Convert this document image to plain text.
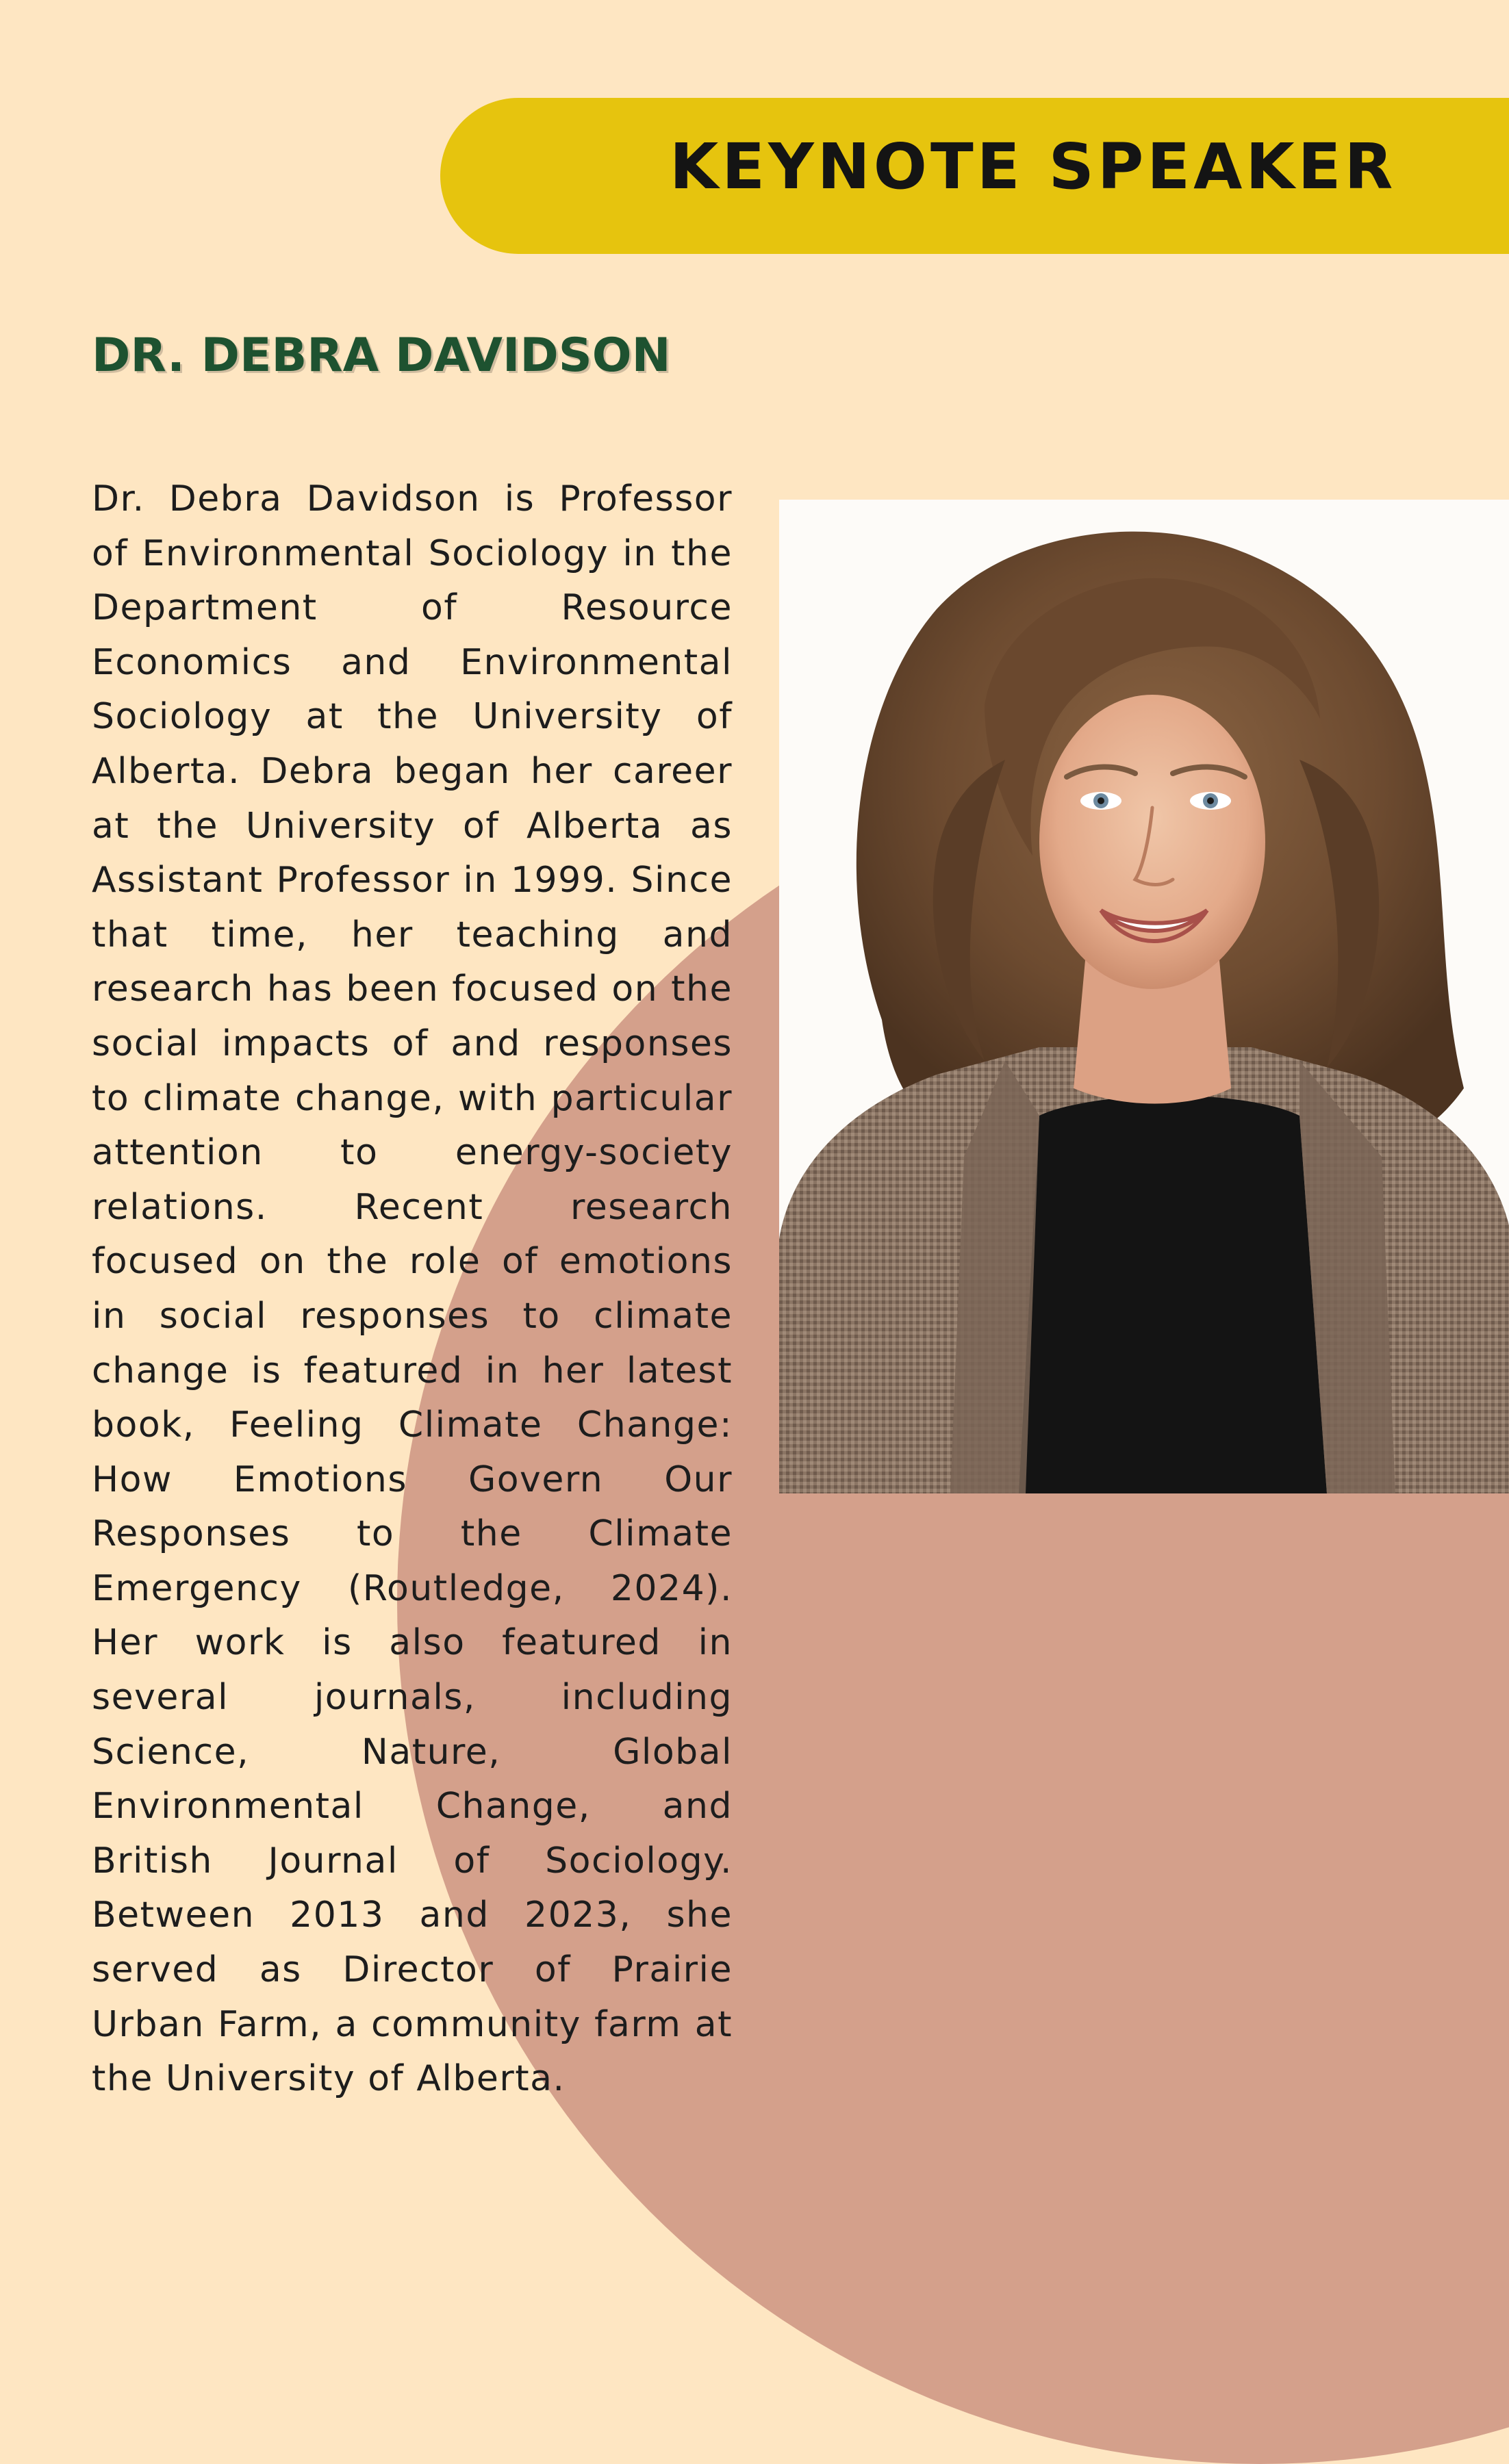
KEYNOTE SPEAKER
DR. DEBRA DAVIDSON

Dr. Debra Davidson is Professor of Environmental Sociology in the Department of Resource Economics and Environmental Sociology at the University of Alberta. Debra began her career at the University of Alberta as Assistant Professor in 1999. Since that time, her teaching and research has been focused on the social impacts of and responses to climate change, with particular attention to energy-society relations. Recent research focused on the role of emotions in social responses to climate change is featured in her latest book, Feeling Climate Change: How Emotions Govern Our Responses to the Climate Emergency (Routledge, 2024). Her work is also featured in several journals, including Science, Nature, Global Environmental Change, and British Journal of Sociology. Between 2013 and 2023, she served as Director of Prairie Urban Farm, a community farm at the University of Alberta.
